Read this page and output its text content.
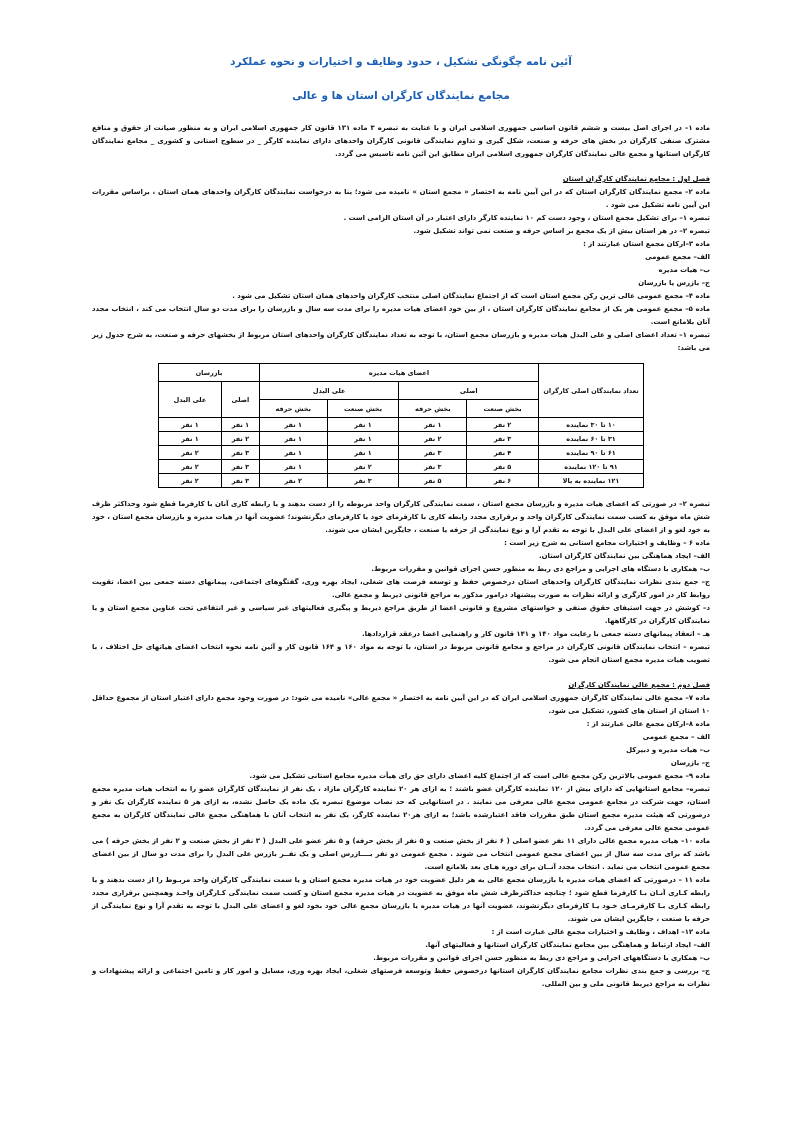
آئین نامه چگونگی تشکیل ، حدود وظایف و اختیارات و نحوه عملکرد
مجامع نمایندگان کارگران استان ها و عالی

ماده ۱– در اجرای اصل بیست و ششم قانون اساسی جمهوری اسلامی ایران و با عنایت به تبصره ۳ ماده ۱۳۱ قانون کار جمهوری اسلامی ایران و به منظور صیانت از حقوق و منافع مشترک صنفی کارگران در بخش های حرفه و صنعت، شکل گیری و تداوم نمایندگی قانونی کارگران واحدهای دارای نماینده کارگر _ در سطوح استانی و کشوری _ مجامع نمایندگان کارگران استانها و مجمع عالی نمایندگان کارگران جمهوری اسلامی ایران مطابق این آئین نامه تاسیس می گردد.

فصل اول : مجامع نمایندگان کارگران استان

ماده ۲– مجمع نمایندگان کارگران استان که در این آیین نامه به اختصار « مجمع استان » نامیده می شود؛ بنا به درخواست نمایندگان کارگران واحدهای همان استان ، براساس مقررات این آیین نامه تشکیل می شود .

تبصره ۱– برای تشکیل مجمع استان ، وجود دست کم ۱۰ نماینده کارگر دارای اعتبار در آن استان الزامی است .

تبصره ۲– در هر استان بیش از یک مجمع بر اساس حرفه و صنعت نمی تواند تشکیل شود.

ماده ۳–ارکان مجمع استان عبارتند از :

الف– مجمع عمومی

ب– هیات مدیره

ج– بازرس یا بازرسان

ماده ۴– مجمع عمومی عالی ترین رکن مجمع استان است که از اجتماع نمایندگان اصلی منتخب کارگران واحدهای همان استان تشکیل می شود .

ماده ۵– مجمع عمومی هر یک از مجامع نمایندگان کارگران استان ، از بین خود اعضای هیات مدیره را برای مدت سه سال و بازرسان را برای مدت دو سال انتخاب می کند ، انتخاب مجدد آنان بلامانع است.

تبصره ۱– تعداد اعضای اصلی و علی البدل هیات مدیره و بازرسان مجمع استان، با توجه به تعداد نمایندگان کارگران واحدهای استان مربوط از بخشهای حرفه و صنعت، به شرح جدول زیر می باشد:

تعداد نمایندگان اصلی کارگران	اعضای هیات مدیره				بازرسان	
	اصلی		علی البدل		اصلی	علی البدل
	بخش صنعت	بخش حرفه	بخش صنعت	بخش حرفه		
۱۰ تا ۳۰ نماینده	۲ نفر	۱ نفر	۱ نفر	۱ نفر	۱ نفر	۱ نفر
۳۱ تا ۶۰ نماینده	۳ نفر	۲ نفر	۱ نفر	۱ نفر	۲ نفر	۱ نفر
۶۱ تا ۹۰ نماینده	۴ نفر	۳ نفر	۱ نفر	۱ نفر	۳ نفر	۲ نفر
۹۱ تا ۱۲۰ نماینده	۵ نفر	۳ نفر	۲ نفر	۱ نفر	۳ نفر	۲ نفر
۱۲۱ نماینده به بالا	۶ نفر	۵ نفر	۳ نفر	۲ نفر	۳ نفر	۲ نفر

تبصره ۲– در صورتی که اعضای هیات مدیره و بازرسان مجمع استان ، سمت نمایندگی کارگران واحد مربوطه را از دست بدهند و یا رابطه کاری آنان با کارفرما قطع شود وحداکثر ظرف شش ماه موفق به کسب سمت نمایندگی کارگران واحد و برقراری مجدد رابطه کاری با کارفرمای خود یا کارفرمای دیگرنشوند؛ عضویت آنها در هیات مدیره و بازرسان مجمع استان ، خود به خود لغو و از اعضای علی البدل با توجه به تقدم آرا و نوع نمایندگی از حرفه یا صنعت ، جایگزین ایشان می شوند.

ماده ۶ – وظایف و اختیارات مجامع استانی به شرح زیر است :

الف– ایجاد هماهنگی بین نمایندگان کارگران استان.

ب– همکاری با دستگاه های اجرایی و مراجع ذی ربط به منظور حسن اجرای قوانین و مقررات مربوط.

ج– جمع بندی نظرات نمایندگان کارگران واحدهای استان درخصوص حفظ و توسعه فرصت های شغلی، ایجاد بهره وری، گفتگوهای اجتماعی، پیمانهای دسته جمعی بین اعضا، تقویت روابط کار در امور کارگری و ارائه نظرات به صورت پیشنهاد درامور مذکور به مراجع قانونی ذیربط و مجمع عالی.

د– کوشش در جهت استیفای حقوق صنفی و خواستهای مشروع و قانونی اعضا از طریق مراجع ذیربط و پیگیری فعالیتهای غیر سیاسی و غیر انتفاعی تحت عناوین مجمع استان و یا نمایندگان کارگران در کارگاهها.

هـ – انعقاد پیمانهای دسته جمعی با رعایت مواد ۱۴۰ و ۱۴۱ قانون کار و راهنمایی اعضا درعقد قراردادها.

تبصره – انتخاب نمایندگان قانونی کارگران در مراجع و مجامع قانونی مربوط در استان، با توجه به مواد ۱۶۰ و ۱۶۴ قانون کار و آئین نامه نحوه انتخاب اعضای هیاتهای حل اختلاف ، با تصویب هیات مدیره مجمع استان انجام می شود.

فصل دوم : مجمع عالی نمایندگان کارگران

ماده ۷– مجمع عالی نمایندگان کارگران جمهوری اسلامی ایران که در این آیین نامه به اختصار « مجمع عالی» نامیده می شود: در صورت وجود مجمع دارای اعتبار استان از مجموع حداقل ۱۰ استان از استان های کشور، تشکیل می شود.

ماده ۸–ارکان مجمع عالی عبارتند از :

الف – مجمع عمومی

ب– هیات مدیره و دبیرکل

ج– بازرسان

ماده ۹– مجمع عمومی بالاترین رکن مجمع عالی است که از اجتماع کلیه اعضای دارای حق رای هیأت مدیره مجامع استانی تشکیل می شود.

تبصره– مجامع استانهایی که دارای بیش از ۱۲۰ نماینده کارگران عضو باشند ؛ به ازای هر ۲۰ نماینده کارگران مازاد ، یک نفر از نمایندگان کارگران عضو را به انتخاب هیات مدیره مجمع استان، جهت شرکت در مجامع عمومی مجمع عالی معرفی می نمایند . در استانهایی که حد نصاب موضوع تبصره یک ماده یک حاصل نشده، به ازای هر ۵ نماینده کارگران یک نفر و درصورتی که هیئت مدیره مجمع استان طبق مقررات فاقد اعتبارشده باشد؛ به ازای هر۲۰ نماینده کارگر، یک نفر به انتخاب آنان با هماهنگی مجمع عالی نمایندگان کارگران به مجمع عمومی مجمع عالی معرفی می گردد.

ماده ۱۰– هیات مدیره مجمع عالی دارای ۱۱ نفر عضو اصلی ( ۶ نفر از بخش صنعت و ۵ نفر از بخش حرفه) و ۵ نفر عضو علی البدل ( ۳ نفر از بخش صنعت و ۲ نفر از بخش حرفه ) می باشد که برای مدت سه سال از بین اعضای مجمع عمومی انتخاب می شوند . مجمع عمومی دو نفر بــــازرس اصلی و یک نفــر بازرس علی البدل را برای مدت دو سال از بین اعضای مجمع عمومی انتخاب می نماید . انتخاب مجدد آنــان برای دوره هـای بعد بلامانع است.

ماده ۱۱ – درصورتی که اعضای هیات مدیره یا بازرسان مجمع عالی به هر دلیل عضویت خود در هیات مدیره مجمع استان و یا سمت نمایندگی کارگران واحد مربـوط را از دست بدهند و یا رابطه کـاری آنـان بـا کارفرما قطع شود ؛ چنانچه حداکثرظرف شش ماه موفق به عضویت در هیات مدیره مجمع استان و کسب سمت نمایندگی کـارگران واحـد وهمچنین برقراری مجدد رابطه کـاری بـا کارفرمـای خـود یـا کارفرمای دیگرنشوند، عضویت آنها در هیات مدیره یا بازرسان مجمع عالی خود بخود لغو و اعضای علی البدل با توجه به تقدم آرا و نوع نمایندگی از حرفه یا صنعت ، جایگزین ایشان می شوند.

ماده ۱۲– اهداف ، وظایف و اختیارات مجمع عالی عبارت است از :

الف– ایجاد ارتباط و هماهنگی بین مجامع نمایندگان کارگران استانها و فعالیتهای آنها.

ب– همکاری با دستگاههای اجرایی و مراجع ذی ربط به منظور حسن اجرای قوانین و مقررات مربوط.

ج– بررسی و جمع بندی نظرات مجامع نمایندگان کارگران استانها درخصوص حفظ وتوسعه فرصتهای شغلی، ایجاد بهره وری، مسایل و امور کار و تامین اجتماعی و ارائه پیشنهادات و نظرات به مراجع ذیربط قانونی ملی و بین المللی.
